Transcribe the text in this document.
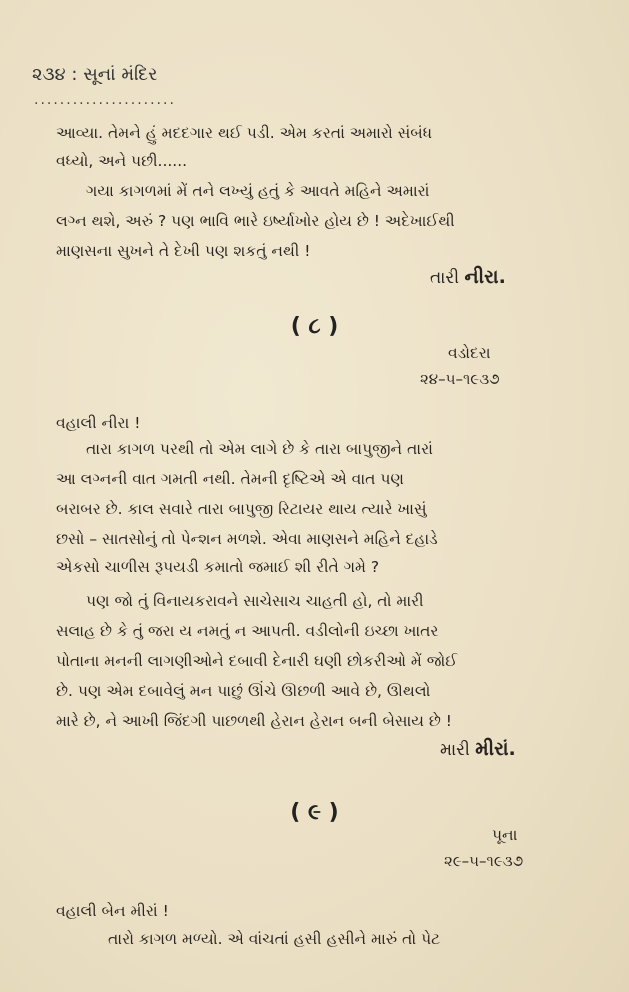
૨૩૪ : સૂનાં મંદિર
......................
આવ્યા. તેમને હું મદદગાર થઈ પડી. એમ કરતાં અમારો સંબંધ
વધ્યો, અને પછી......
ગયા કાગળમાં મેં તને લખ્યું હતું કે આવતે મહિને અમારાં
લગ્ન થશે, અરું ? પણ ભાવિ ભારે ઇર્ષ્યાખોર હોય છે ! અદેખાઈથી
માણસના સુખને તે દેખી પણ શકતું નથી !
તારી નીરા.
( ૮ )
વડોદરા
૨૪–૫–૧૯૩૭
વહાલી નીરા !
તારા કાગળ પરથી તો એમ લાગે છે કે તારા બાપુજીને તારાં
આ લગ્નની વાત ગમતી નથી. તેમની દૃષ્ટિએ એ વાત પણ
બરાબર છે. કાલ સવારે તારા બાપુજી રિટાયર થાય ત્યારે ખાસું
છસો – સાતસોનું તો પેન્શન મળશે. એવા માણસને મહિને દહાડે
એકસો ચાળીસ રૂપયડી કમાતો જમાઈ શી રીતે ગમે ?
પણ જો તું વિનાયકરાવને સાચેસાચ ચાહતી હો, તો મારી
સલાહ છે કે તું જરા ય નમતું ન આપતી. વડીલોની ઇચ્છા ખાતર
પોતાના મનની લાગણીઓને દબાવી દેનારી ઘણી છોકરીઓ મેં જોઈ
છે. પણ એમ દબાવેલું મન પાછું ઊંચે ઊછળી આવે છે, ઊથલો
મારે છે, ને આખી જિંદગી પાછળથી હેરાન હેરાન બની બેસાય છે !
મારી મીરાં.
( ૯ )
પૂના
૨૯–૫–૧૯૩૭
વહાલી બેન મીરાં !
તારો કાગળ મળ્યો. એ વાંચતાં હસી હસીને મારું તો પેટ
